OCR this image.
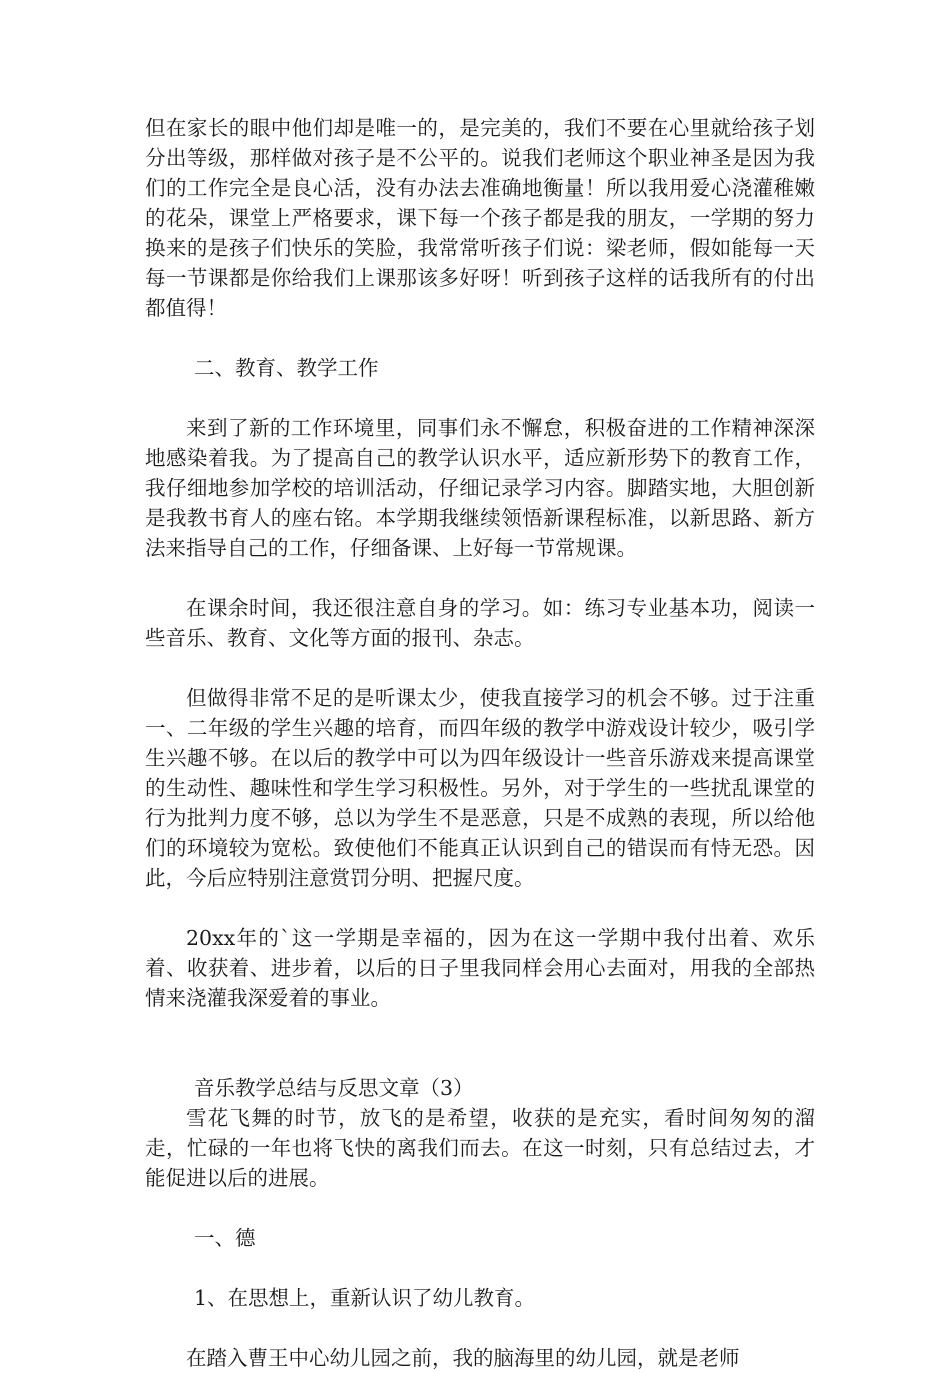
但在家长的眼中他们却是唯一的，是完美的，我们不要在心里就给孩子划分出等级，那样做对孩子是不公平的。说我们老师这个职业神圣是因为我们的工作完全是良心活，没有办法去准确地衡量！所以我用爱心浇灌稚嫩的花朵，课堂上严格要求，课下每一个孩子都是我的朋友，一学期的努力换来的是孩子们快乐的笑脸，我常常听孩子们说：梁老师，假如能每一天每一节课都是你给我们上课那该多好呀！听到孩子这样的话我所有的付出都值得！

二、教育、教学工作

来到了新的工作环境里，同事们永不懈怠，积极奋进的工作精神深深地感染着我。为了提高自己的教学认识水平，适应新形势下的教育工作，我仔细地参加学校的培训活动，仔细记录学习内容。脚踏实地，大胆创新是我教书育人的座右铭。本学期我继续领悟新课程标准，以新思路、新方法来指导自己的工作，仔细备课、上好每一节常规课。

在课余时间，我还很注意自身的学习。如：练习专业基本功，阅读一些音乐、教育、文化等方面的报刊、杂志。

但做得非常不足的是听课太少，使我直接学习的机会不够。过于注重一、二年级的学生兴趣的培育，而四年级的教学中游戏设计较少，吸引学生兴趣不够。在以后的教学中可以为四年级设计一些音乐游戏来提高课堂的生动性、趣味性和学生学习积极性。另外，对于学生的一些扰乱课堂的行为批判力度不够，总以为学生不是恶意，只是不成熟的表现，所以给他们的环境较为宽松。致使他们不能真正认识到自己的错误而有恃无恐。因此，今后应特别注意赏罚分明、把握尺度。

20xx年的`这一学期是幸福的，因为在这一学期中我付出着、欢乐着、收获着、进步着，以后的日子里我同样会用心去面对，用我的全部热情来浇灌我深爱着的事业。

音乐教学总结与反思文章（3）

雪花飞舞的时节，放飞的是希望，收获的是充实，看时间匆匆的溜走，忙碌的一年也将飞快的离我们而去。在这一时刻，只有总结过去，才能促进以后的进展。

一、德

1、在思想上，重新认识了幼儿教育。

在踏入曹王中心幼儿园之前，我的脑海里的幼儿园，就是老师
